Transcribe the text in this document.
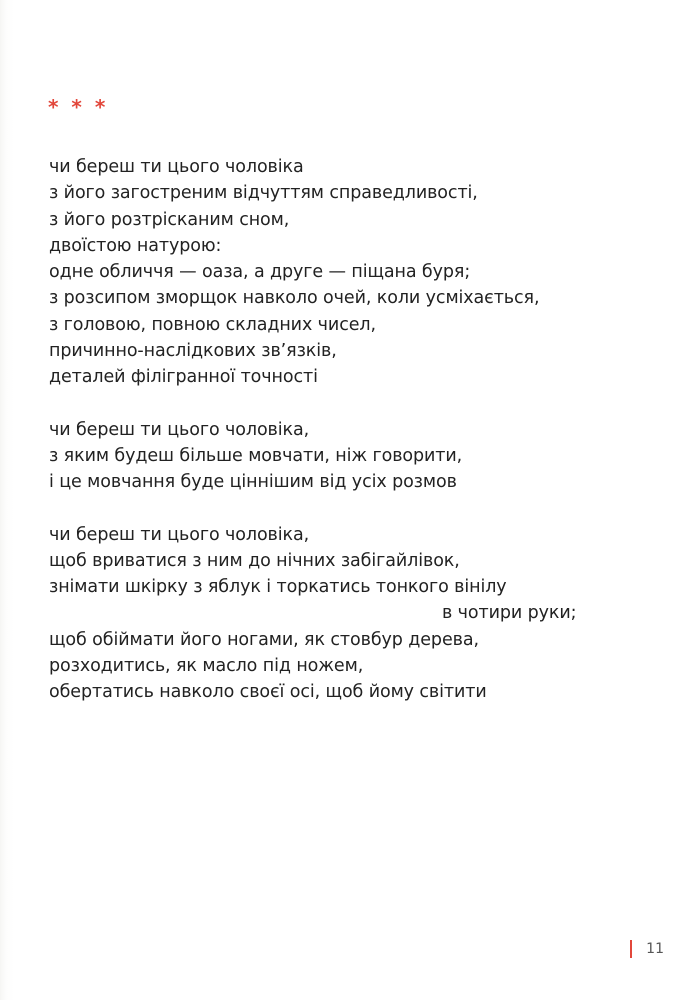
* * *
чи береш ти цього чоловіка
з його загостреним відчуттям справедливості,
з його розтрісканим сном,
двоїстою натурою:
одне обличчя — оаза, а друге — піщана буря;
з розсипом зморщок навколо очей, коли усміхається,
з головою, повною складних чисел,
причинно-наслідкових зв’язків,
деталей філігранної точності
чи береш ти цього чоловіка,
з яким будеш більше мовчати, ніж говорити,
і це мовчання буде ціннішим від усіх розмов
чи береш ти цього чоловіка,
щоб вриватися з ним до нічних забігайлівок,
знімати шкірку з яблук і торкатись тонкого вінілу
в чотири руки;
щоб обіймати його ногами, як стовбур дерева,
розходитись, як масло під ножем,
обертатись навколо своєї осі, щоб йому світити
11
